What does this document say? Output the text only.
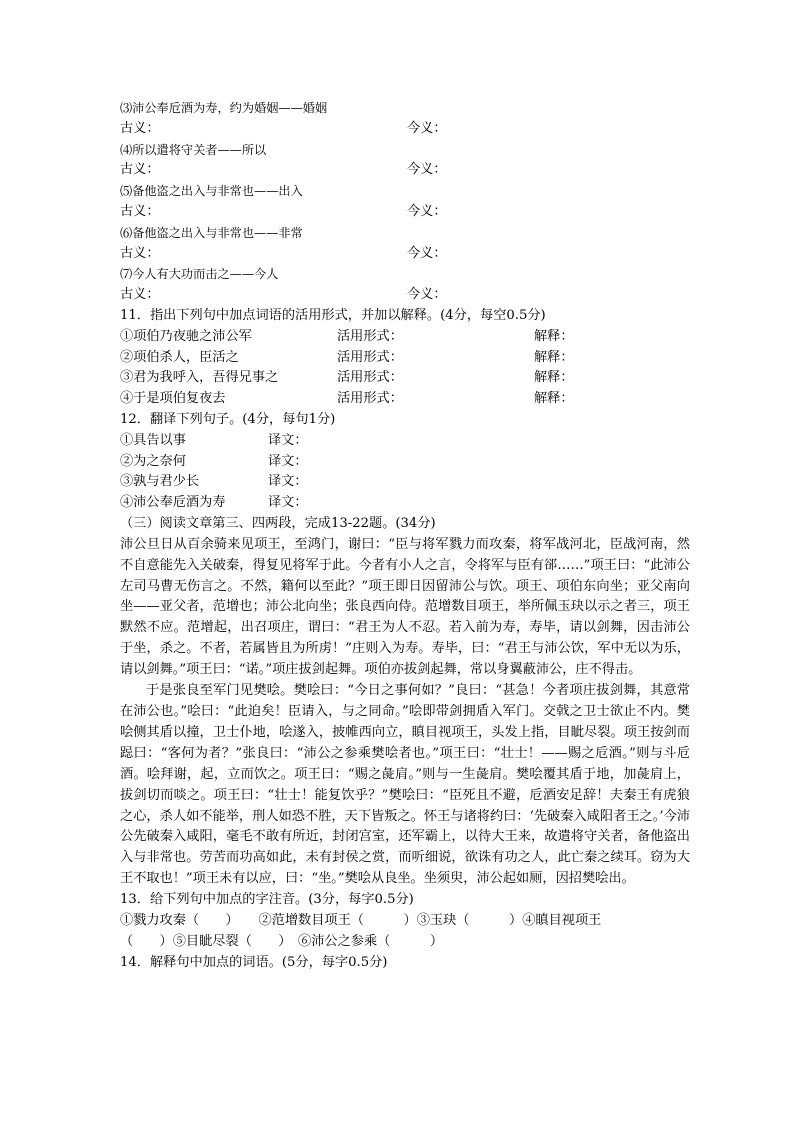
⑶沛公奉卮酒为寿，约为婚姻——婚姻
古义：	今义：
⑷所以遣将守关者——所以
古义：	今义：
⑸备他盗之出入与非常也——出入
古义：	今义：
⑹备他盗之出入与非常也——非常
古义：	今义：
⑺今人有大功而击之——今人
古义：	今义：
11．指出下列句中加点词语的活用形式，并加以解释。(4分，每空0.5分)
①项伯乃夜驰之沛公军	活用形式：	解释：
②项伯杀人，臣活之	活用形式：	解释：
③君为我呼入，吾得兄事之	活用形式：	解释：
④于是项伯复夜去	活用形式：	解释：
12．翻译下列句子。(4分，每句1分)
①具告以事	译文：
②为之奈何	译文：
③孰与君少长	译文：
④沛公奉卮酒为寿	译文：
（三）阅读文章第三、四两段，完成13-22题。(34分)

沛公旦日从百余骑来见项王，至鸿门，谢曰：“臣与将军戮力而攻秦，将军战河北，臣战河南，然不自意能先入关破秦，得复见将军于此。今者有小人之言，令将军与臣有郤……”项王曰：“此沛公左司马曹无伤言之。不然，籍何以至此？”项王即日因留沛公与饮。项王、项伯东向坐；亚父南向坐——亚父者，范增也；沛公北向坐；张良西向侍。范增数目项王，举所佩玉玦以示之者三，项王默然不应。范增起，出召项庄，谓曰：“君王为人不忍。若入前为寿，寿毕，请以剑舞，因击沛公于坐，杀之。不者，若属皆且为所虏！”庄则入为寿。寿毕，曰：“君王与沛公饮，军中无以为乐，请以剑舞。”项王曰：“诺。”项庄拔剑起舞。项伯亦拔剑起舞，常以身翼蔽沛公，庄不得击。

于是张良至军门见樊哙。樊哙曰：“今日之事何如？”良曰：“甚急！今者项庄拔剑舞，其意常在沛公也。”哙曰：“此迫矣！臣请入，与之同命。”哙即带剑拥盾入军门。交戟之卫士欲止不内。樊哙侧其盾以撞，卫士仆地，哙遂入，披帷西向立，瞋目视项王，头发上指，目眦尽裂。项王按剑而跽曰：“客何为者？”张良曰：“沛公之参乘樊哙者也。”项王曰：“壮士！——赐之卮酒。”则与斗卮酒。哙拜谢，起，立而饮之。项王曰：“赐之彘肩。”则与一生彘肩。樊哙覆其盾于地，加彘肩上，拔剑切而啖之。项王曰：“壮士！能复饮乎？”樊哙曰：“臣死且不避，卮酒安足辞！夫秦王有虎狼之心，杀人如不能举，刑人如恐不胜，天下皆叛之。怀王与诸将约曰：‘先破秦入咸阳者王之。’今沛公先破秦入咸阳，毫毛不敢有所近，封闭宫室，还军霸上，以待大王来，故遣将守关者，备他盗出入与非常也。劳苦而功高如此，未有封侯之赏，而听细说，欲诛有功之人，此亡秦之续耳。窃为大王不取也！”项王未有以应，曰：“坐。”樊哙从良坐。坐须臾，沛公起如厕，因招樊哙出。

13．给下列句中加点的字注音。(3分，每字0.5分)
①戮力攻秦（　　）　　②范增数目项王（　　　）③玉玦（　　　）④瞋目视项王
（　　）⑤目眦尽裂（　　）　⑥沛公之参乘（　　　）
14．解释句中加点的词语。(5分，每字0.5分)
